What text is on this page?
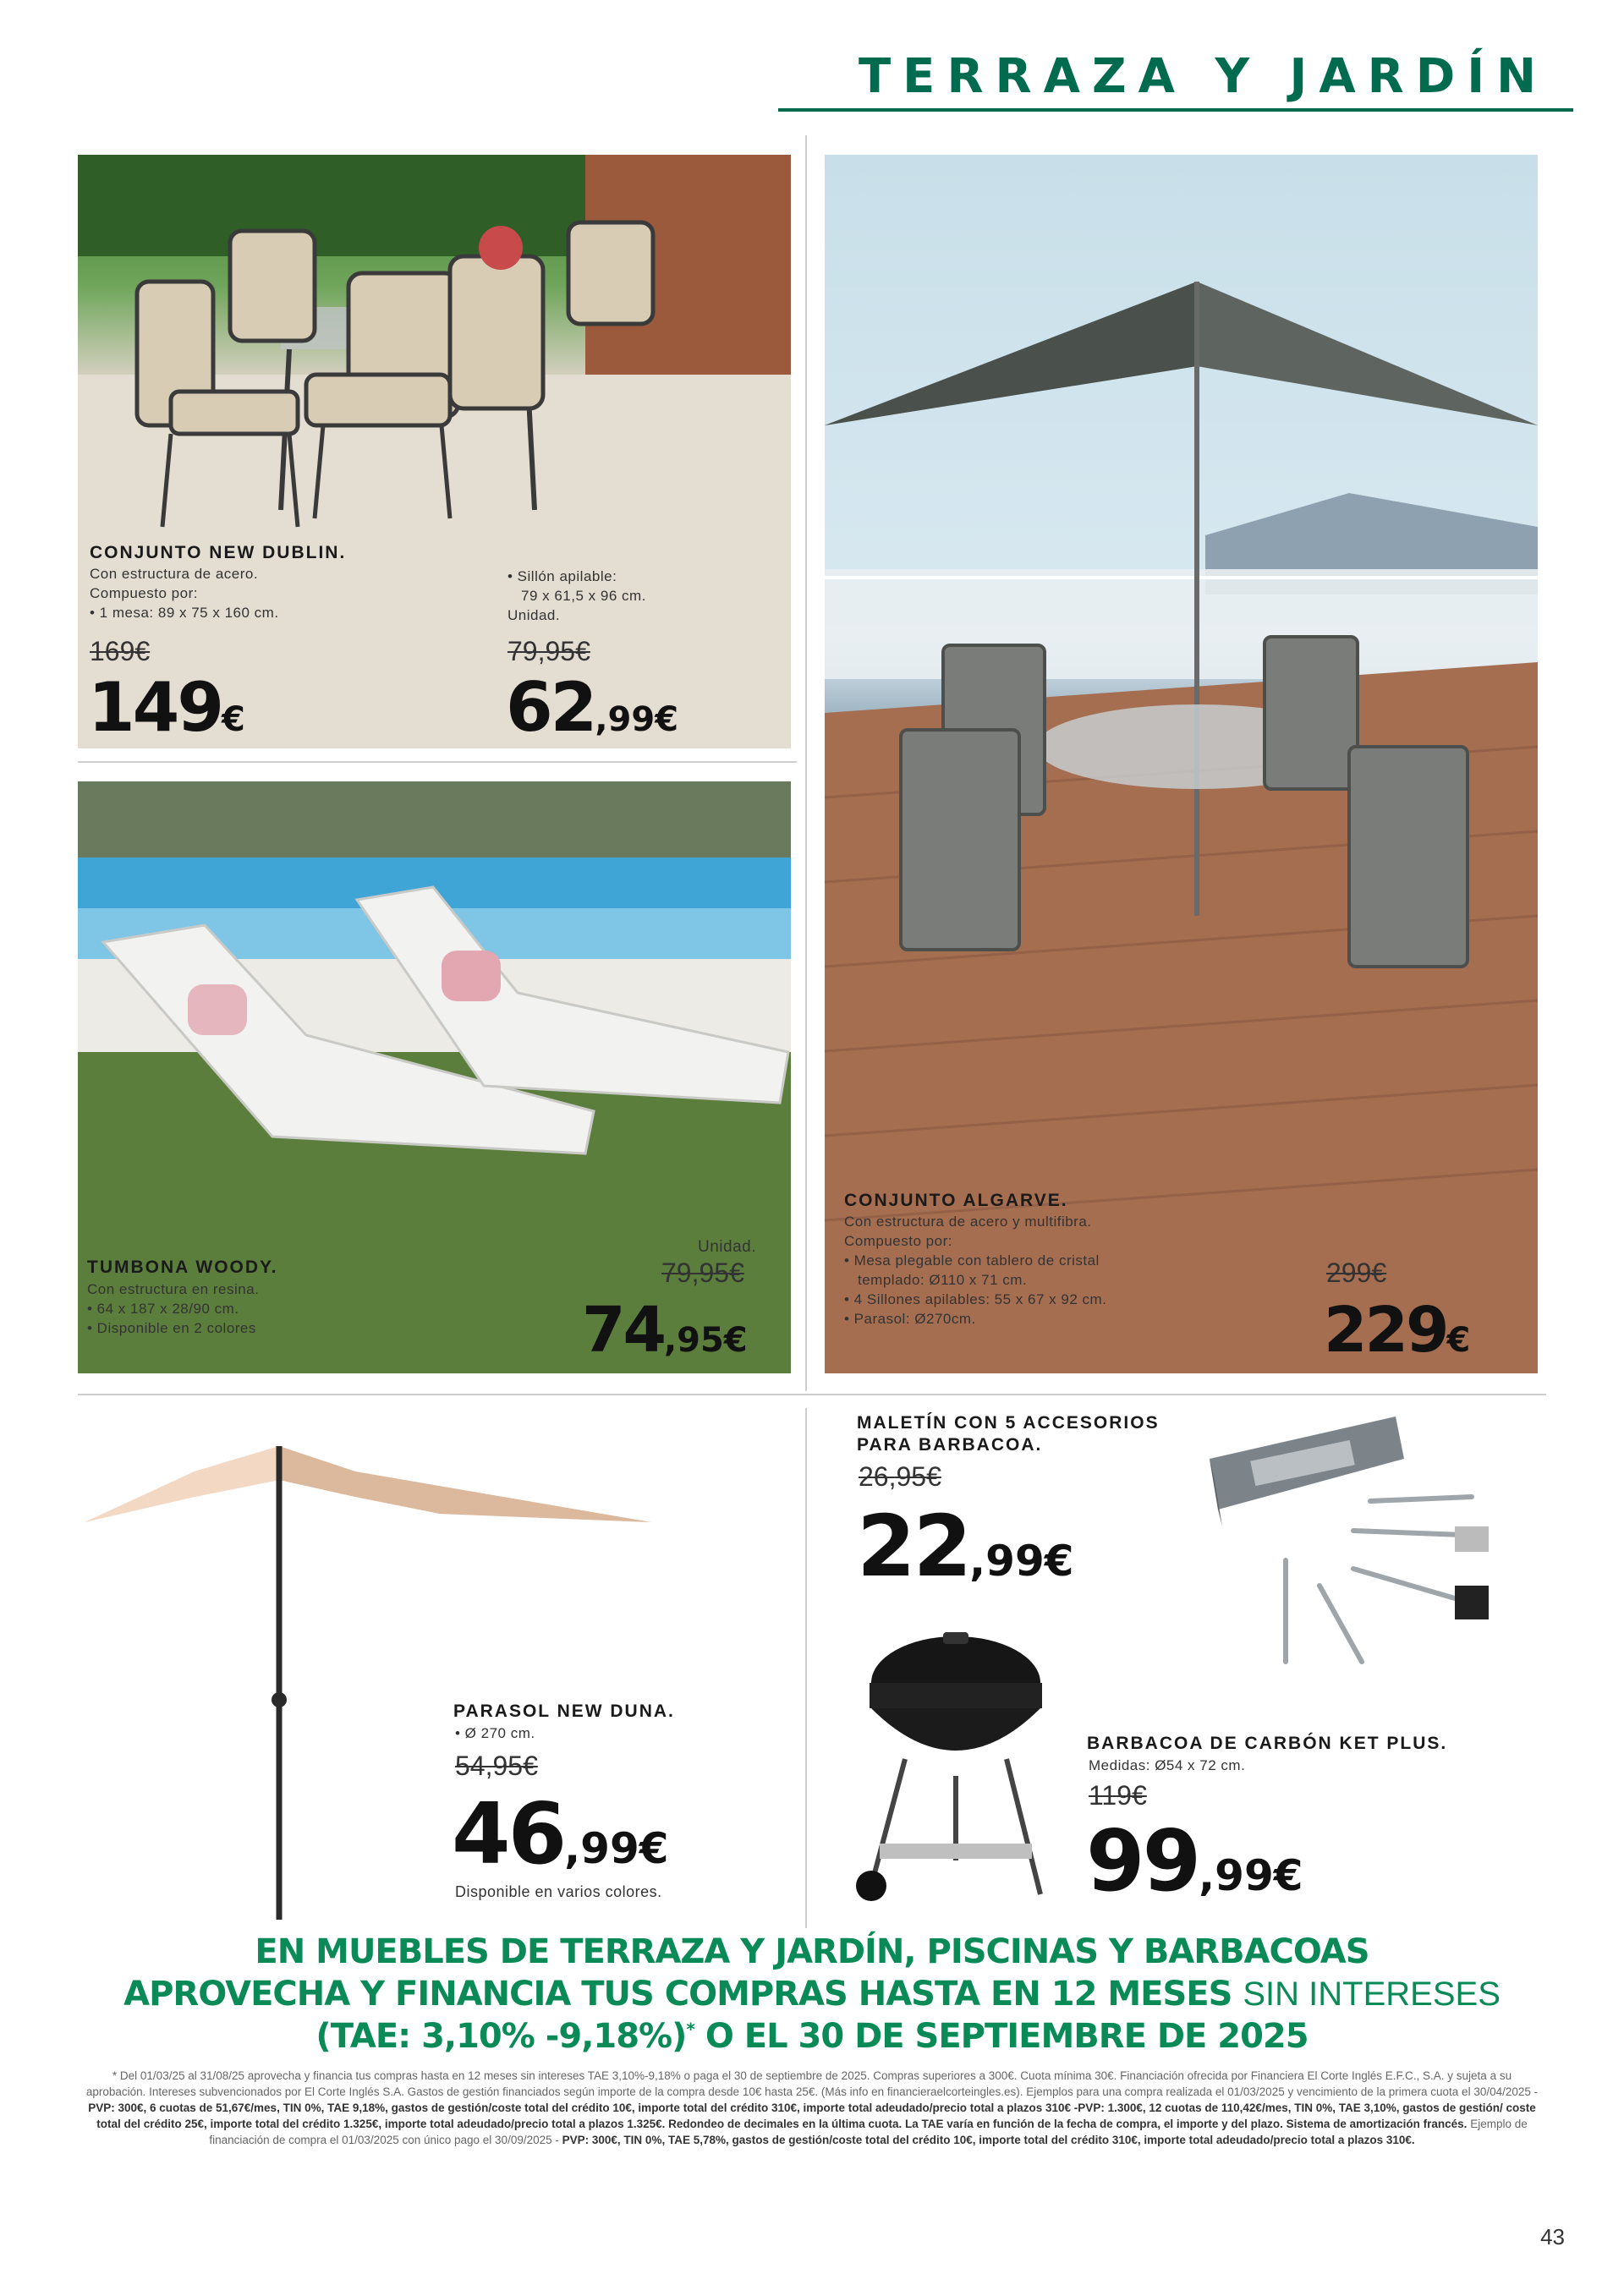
TERRAZA Y JARDÍN
CONJUNTO NEW DUBLIN.
Con estructura de acero.
Compuesto por:
• 1 mesa: 89 x 75 x 160 cm.
169€
149€
• Sillón apilable:
79 x 61,5 x 96 cm.
Unidad.
79,95€
62,99€
TUMBONA WOODY.
Con estructura en resina.
• 64 x 187 x 28/90 cm.
• Disponible en 2 colores
Unidad.
79,95€
74,95€
CONJUNTO ALGARVE.
Con estructura de acero y multifibra.
Compuesto por:
• Mesa plegable con tablero de cristal
templado: Ø110 x 71 cm.
• 4 Sillones apilables: 55 x 67 x 92 cm.
• Parasol: Ø270cm.
299€
229€
PARASOL NEW DUNA.
• Ø 270 cm.
54,95€
46,99€
Disponible en varios colores.
MALETÍN CON 5 ACCESORIOS
PARA BARBACOA.
26,95€
22,99€
BARBACOA DE CARBÓN KET PLUS.
Medidas: Ø54 x 72 cm.
119€
99,99€
EN MUEBLES DE TERRAZA Y JARDÍN, PISCINAS Y BARBACOAS
APROVECHA Y FINANCIA TUS COMPRAS HASTA EN 12 MESES SIN INTERESES
(TAE: 3,10% -9,18%)* O EL 30 DE SEPTIEMBRE DE 2025
* Del 01/03/25 al 31/08/25 aprovecha y financia tus compras hasta en 12 meses sin intereses TAE 3,10%-9,18% o paga el 30 de septiembre de 2025. Compras superiores a 300€. Cuota mínima 30€. Financiación ofrecida por Financiera El Corte Inglés E.F.C., S.A. y sujeta a su aprobación. Intereses subvencionados por El Corte Inglés S.A. Gastos de gestión financiados según importe de la compra desde 10€ hasta 25€. (Más info en financieraelcorteingles.es). Ejemplos para una compra realizada el 01/03/2025 y vencimiento de la primera cuota el 30/04/2025 - PVP: 300€, 6 cuotas de 51,67€/mes, TIN 0%, TAE 9,18%, gastos de gestión/coste total del crédito 10€, importe total del crédito 310€, importe total adeudado/precio total a plazos 310€ -PVP: 1.300€, 12 cuotas de 110,42€/mes, TIN 0%, TAE 3,10%, gastos de gestión/ coste total del crédito 25€, importe total del crédito 1.325€, importe total adeudado/precio total a plazos 1.325€. Redondeo de decimales en la última cuota. La TAE varía en función de la fecha de compra, el importe y del plazo. Sistema de amortización francés. Ejemplo de financiación de compra el 01/03/2025 con único pago el 30/09/2025 - PVP: 300€, TIN 0%, TAE 5,78%, gastos de gestión/coste total del crédito 10€, importe total del crédito 310€, importe total adeudado/precio total a plazos 310€.
43
